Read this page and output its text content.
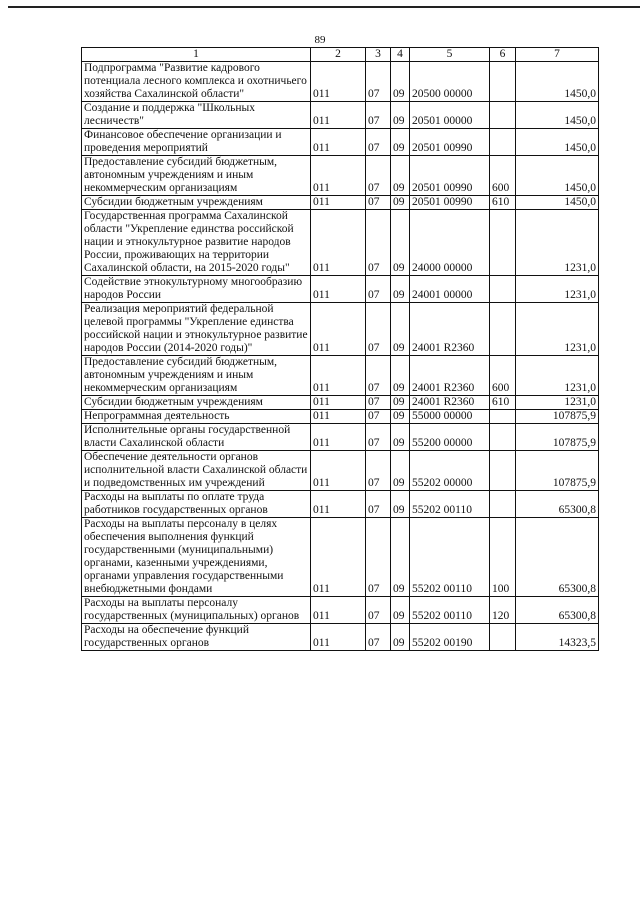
89
1	2	3	4	5	6	7
Подпрограмма "Развитие кадрового потенциала лесного комплекса и охотничьего хозяйства Сахалинской области"	011	07	09	20500 00000		1450,0
Создание и поддержка "Школьных лесничеств"	011	07	09	20501 00000		1450,0
Финансовое обеспечение организации и проведения мероприятий	011	07	09	20501 00990		1450,0
Предоставление субсидий бюджетным, автономным учреждениям и иным некоммерческим организациям	011	07	09	20501 00990	600	1450,0
Субсидии бюджетным учреждениям	011	07	09	20501 00990	610	1450,0
Государственная программа Сахалинской области "Укрепление единства российской нации и этнокультурное развитие народов России, проживающих на территории Сахалинской области, на 2015-2020 годы"	011	07	09	24000 00000		1231,0
Содействие этнокультурному многообразию народов России	011	07	09	24001 00000		1231,0
Реализация мероприятий федеральной целевой программы "Укрепление единства российской нации и этнокультурное развитие народов России (2014-2020 годы)"	011	07	09	24001 R2360		1231,0
Предоставление субсидий бюджетным, автономным учреждениям и иным некоммерческим организациям	011	07	09	24001 R2360	600	1231,0
Субсидии бюджетным учреждениям	011	07	09	24001 R2360	610	1231,0
Непрограммная деятельность	011	07	09	55000 00000		107875,9
Исполнительные органы государственной власти Сахалинской области	011	07	09	55200 00000		107875,9
Обеспечение деятельности органов исполнительной власти Сахалинской области и подведомственных им учреждений	011	07	09	55202 00000		107875,9
Расходы на выплаты по оплате труда работников государственных органов	011	07	09	55202 00110		65300,8
Расходы на выплаты персоналу в целях обеспечения выполнения функций государственными (муниципальными) органами, казенными учреждениями, органами управления государственными внебюджетными фондами	011	07	09	55202 00110	100	65300,8
Расходы на выплаты персоналу государственных (муниципальных) органов	011	07	09	55202 00110	120	65300,8
Расходы на обеспечение функций государственных органов	011	07	09	55202 00190		14323,5
